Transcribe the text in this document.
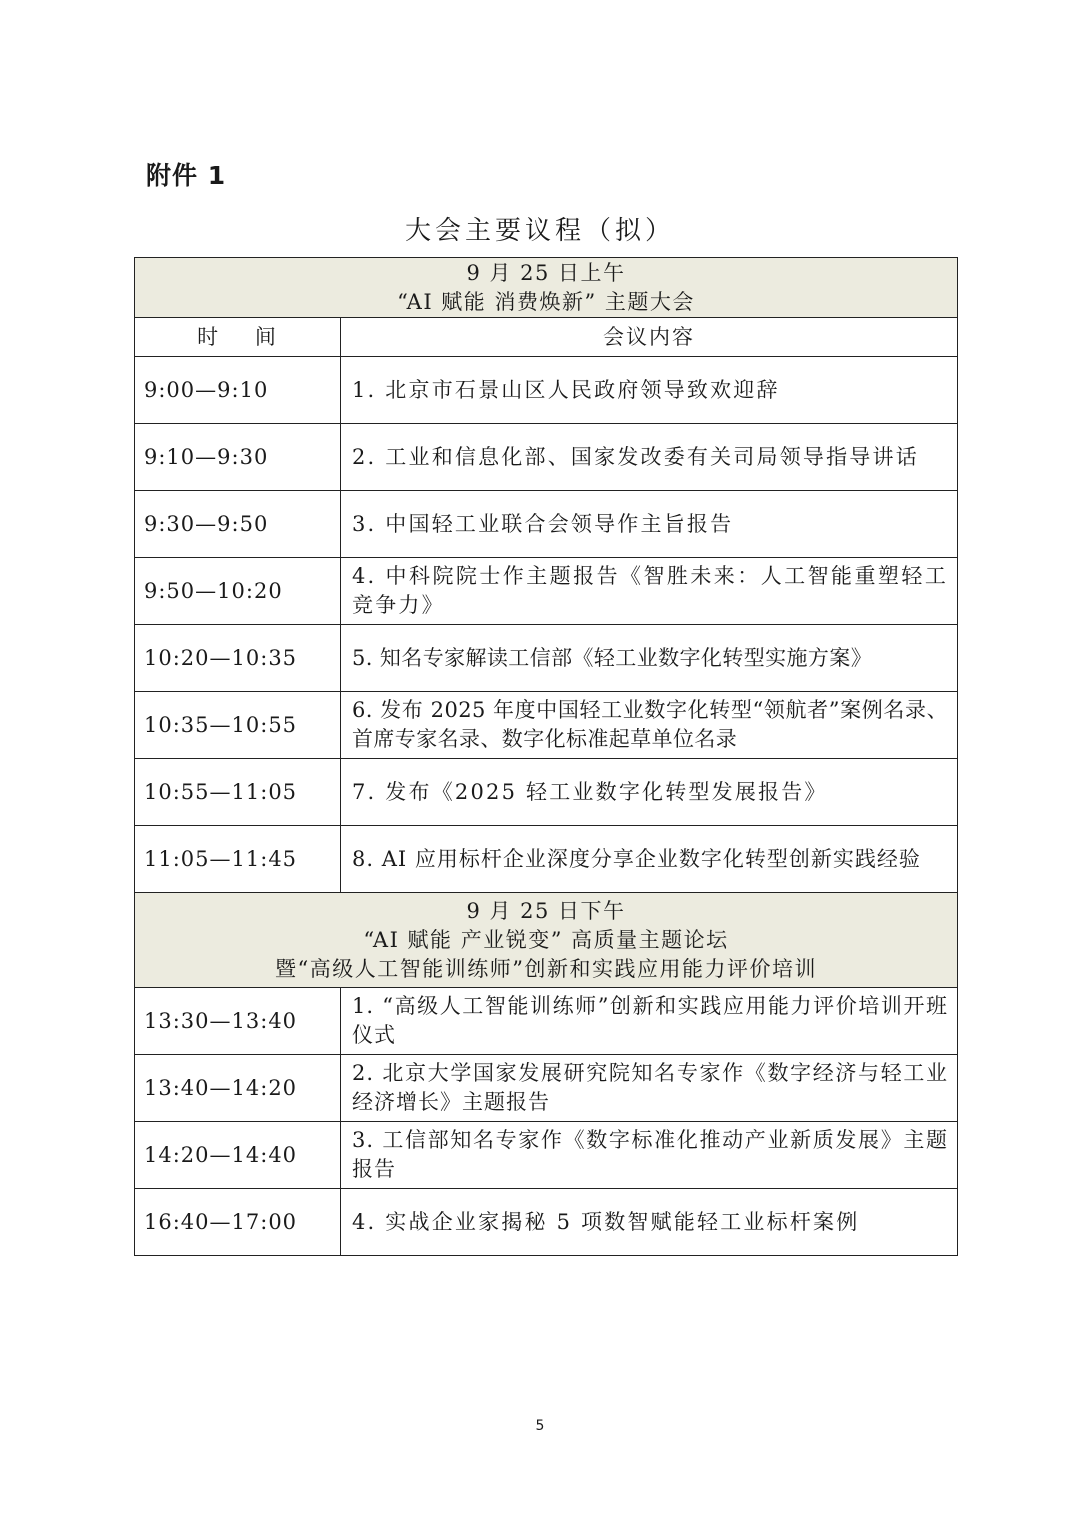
附件 1
大会主要议程（拟）
9 月 25 日上午
“AI 赋能 消费焕新” 主题大会	

时    间	会议内容
9:00—9:10	1. 北京市石景山区人民政府领导致欢迎辞
9:10—9:30	2. 工业和信息化部、国家发改委有关司局领导指导讲话
9:30—9:50	3. 中国轻工业联合会领导作主旨报告
9:50—10:20	4. 中科院院士作主题报告《智胜未来：人工智能重塑轻工竞争力》
10:20—10:35	5. 知名专家解读工信部《轻工业数字化转型实施方案》
10:35—10:55	6. 发布 2025 年度中国轻工业数字化转型“领航者”案例名录、首席专家名录、数字化标准起草单位名录
10:55—11:05	7. 发布《2025 轻工业数字化转型发展报告》
11:05—11:45	8. AI 应用标杆企业深度分享企业数字化转型创新实践经验

9 月 25 日下午
“AI 赋能 产业锐变” 高质量主题论坛
暨“高级人工智能训练师”创新和实践应用能力评价培训	

13:30—13:40	1. “高级人工智能训练师”创新和实践应用能力评价培训开班仪式
13:40—14:20	2. 北京大学国家发展研究院知名专家作《数字经济与轻工业经济增长》主题报告
14:20—14:40	3. 工信部知名专家作《数字标准化推动产业新质发展》主题报告
16:40—17:00	4. 实战企业家揭秘 5 项数智赋能轻工业标杆案例
5
